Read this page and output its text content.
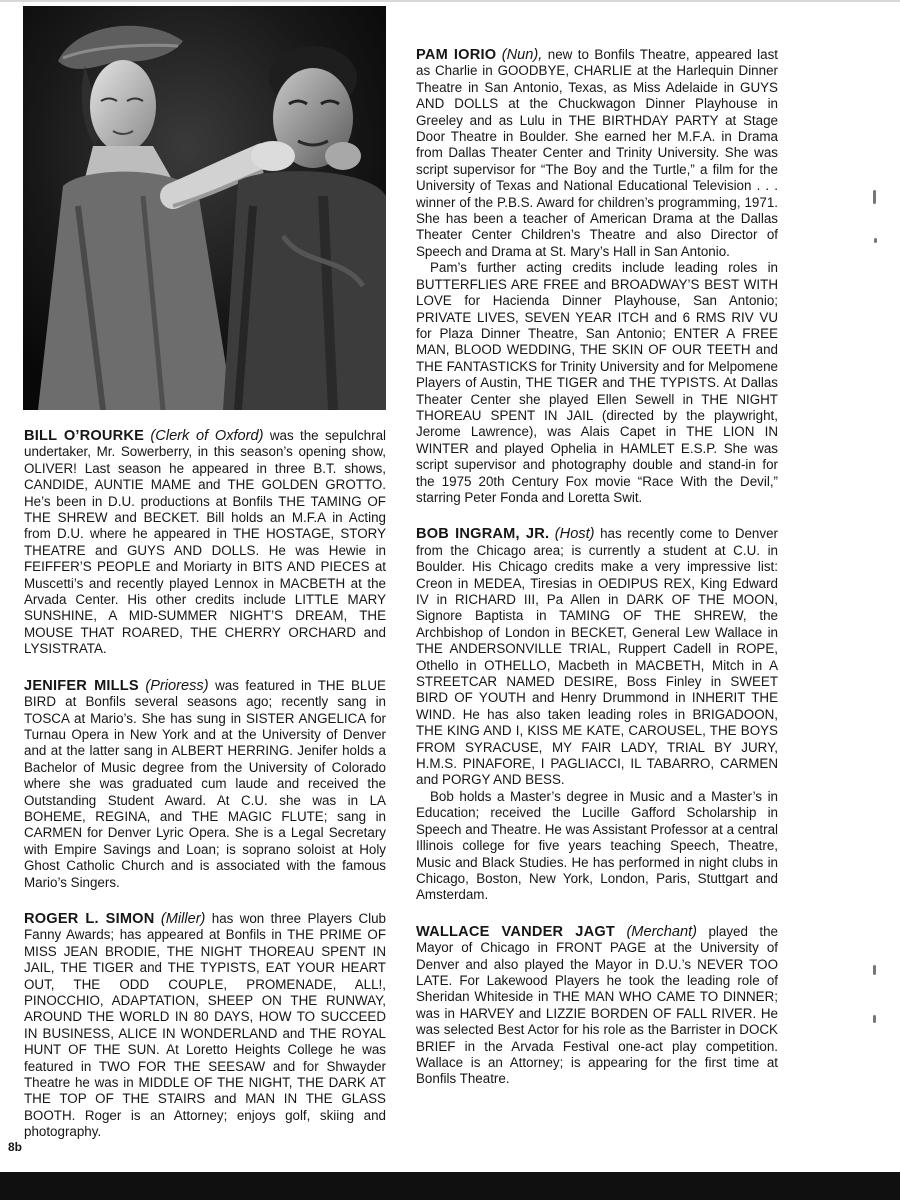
BILL O’ROURKE (Clerk of Oxford) was the sepulchral undertaker, Mr. Sowerberry, in this season’s opening show, OLIVER! Last season he appeared in three B.T. shows, CANDIDE, AUNTIE MAME and THE GOLDEN GROTTO. He’s been in D.U. productions at Bonfils THE TAMING OF THE SHREW and BECKET. Bill holds an M.F.A in Acting from D.U. where he appeared in THE HOSTAGE, STORY THEATRE and GUYS AND DOLLS. He was Hewie in FEIFFER’S PEOPLE and Moriarty in BITS AND PIECES at Muscetti’s and recently played Lennox in MACBETH at the Arvada Center. His other credits include LITTLE MARY SUNSHINE, A MID-SUMMER NIGHT’S DREAM, THE MOUSE THAT ROARED, THE CHERRY ORCHARD and LYSISTRATA.

JENIFER MILLS (Prioress) was featured in THE BLUE BIRD at Bonfils several seasons ago; recently sang in TOSCA at Mario’s. She has sung in SISTER ANGELICA for Turnau Opera in New York and at the University of Denver and at the latter sang in ALBERT HERRING. Jenifer holds a Bachelor of Music degree from the University of Colorado where she was graduated cum laude and received the Outstanding Student Award. At C.U. she was in LA BOHEME, REGINA, and THE MAGIC FLUTE; sang in CARMEN for Denver Lyric Opera. She is a Legal Secretary with Empire Savings and Loan; is soprano soloist at Holy Ghost Catholic Church and is associated with the famous Mario’s Singers.

ROGER L. SIMON (Miller) has won three Players Club Fanny Awards; has appeared at Bonfils in THE PRIME OF MISS JEAN BRODIE, THE NIGHT THOREAU SPENT IN JAIL, THE TIGER and THE TYPISTS, EAT YOUR HEART OUT, THE ODD COUPLE, PROMENADE, ALL!, PINOCCHIO, ADAPTATION, SHEEP ON THE RUNWAY, AROUND THE WORLD IN 80 DAYS, HOW TO SUCCEED IN BUSINESS, ALICE IN WONDERLAND and THE ROYAL HUNT OF THE SUN. At Loretto Heights College he was featured in TWO FOR THE SEESAW and for Shwayder Theatre he was in MIDDLE OF THE NIGHT, THE DARK AT THE TOP OF THE STAIRS and MAN IN THE GLASS BOOTH. Roger is an Attorney; enjoys golf, skiing and photography.

PAM IORIO (Nun), new to Bonfils Theatre, appeared last as Charlie in GOODBYE, CHARLIE at the Harlequin Dinner Theatre in San Antonio, Texas, as Miss Adelaide in GUYS AND DOLLS at the Chuckwagon Dinner Playhouse in Greeley and as Lulu in THE BIRTHDAY PARTY at Stage Door Theatre in Boulder. She earned her M.F.A. in Drama from Dallas Theater Center and Trinity University. She was script supervisor for “The Boy and the Turtle,” a film for the University of Texas and National Educational Television . . . winner of the P.B.S. Award for children’s programming, 1971. She has been a teacher of American Drama at the Dallas Theater Center Children’s Theatre and also Director of Speech and Drama at St. Mary’s Hall in San Antonio.

Pam’s further acting credits include leading roles in BUTTERFLIES ARE FREE and BROADWAY’S BEST WITH LOVE for Hacienda Dinner Playhouse, San Antonio; PRIVATE LIVES, SEVEN YEAR ITCH and 6 RMS RIV VU for Plaza Dinner Theatre, San Antonio; ENTER A FREE MAN, BLOOD WEDDING, THE SKIN OF OUR TEETH and THE FANTASTICKS for Trinity University and for Melpomene Players of Austin, THE TIGER and THE TYPISTS. At Dallas Theater Center she played Ellen Sewell in THE NIGHT THOREAU SPENT IN JAIL (directed by the playwright, Jerome Lawrence), was Alais Capet in THE LION IN WINTER and played Ophelia in HAMLET E.S.P. She was script supervisor and photography double and stand-in for the 1975 20th Century Fox movie “Race With the Devil,” starring Peter Fonda and Loretta Swit.

BOB INGRAM, JR. (Host) has recently come to Denver from the Chicago area; is currently a student at C.U. in Boulder. His Chicago credits make a very impressive list: Creon in MEDEA, Tiresias in OEDIPUS REX, King Edward IV in RICHARD III, Pa Allen in DARK OF THE MOON, Signore Baptista in TAMING OF THE SHREW, the Archbishop of London in BECKET, General Lew Wallace in THE ANDERSONVILLE TRIAL, Ruppert Cadell in ROPE, Othello in OTHELLO, Macbeth in MACBETH, Mitch in A STREETCAR NAMED DESIRE, Boss Finley in SWEET BIRD OF YOUTH and Henry Drummond in INHERIT THE WIND. He has also taken leading roles in BRIGADOON, THE KING AND I, KISS ME KATE, CAROUSEL, THE BOYS FROM SYRACUSE, MY FAIR LADY, TRIAL BY JURY, H.M.S. PINAFORE, I PAGLIACCI, IL TABARRO, CARMEN and PORGY AND BESS.

Bob holds a Master’s degree in Music and a Master’s in Education; received the Lucille Gafford Scholarship in Speech and Theatre. He was Assistant Professor at a central Illinois college for five years teaching Speech, Theatre, Music and Black Studies. He has performed in night clubs in Chicago, Boston, New York, London, Paris, Stuttgart and Amsterdam.

WALLACE VANDER JAGT (Merchant) played the Mayor of Chicago in FRONT PAGE at the University of Denver and also played the Mayor in D.U.’s NEVER TOO LATE. For Lakewood Players he took the leading role of Sheridan Whiteside in THE MAN WHO CAME TO DINNER; was in HARVEY and LIZZIE BORDEN OF FALL RIVER. He was selected Best Actor for his role as the Barrister in DOCK BRIEF in the Arvada Festival one-act play competition. Wallace is an Attorney; is appearing for the first time at Bonfils Theatre.

8b
